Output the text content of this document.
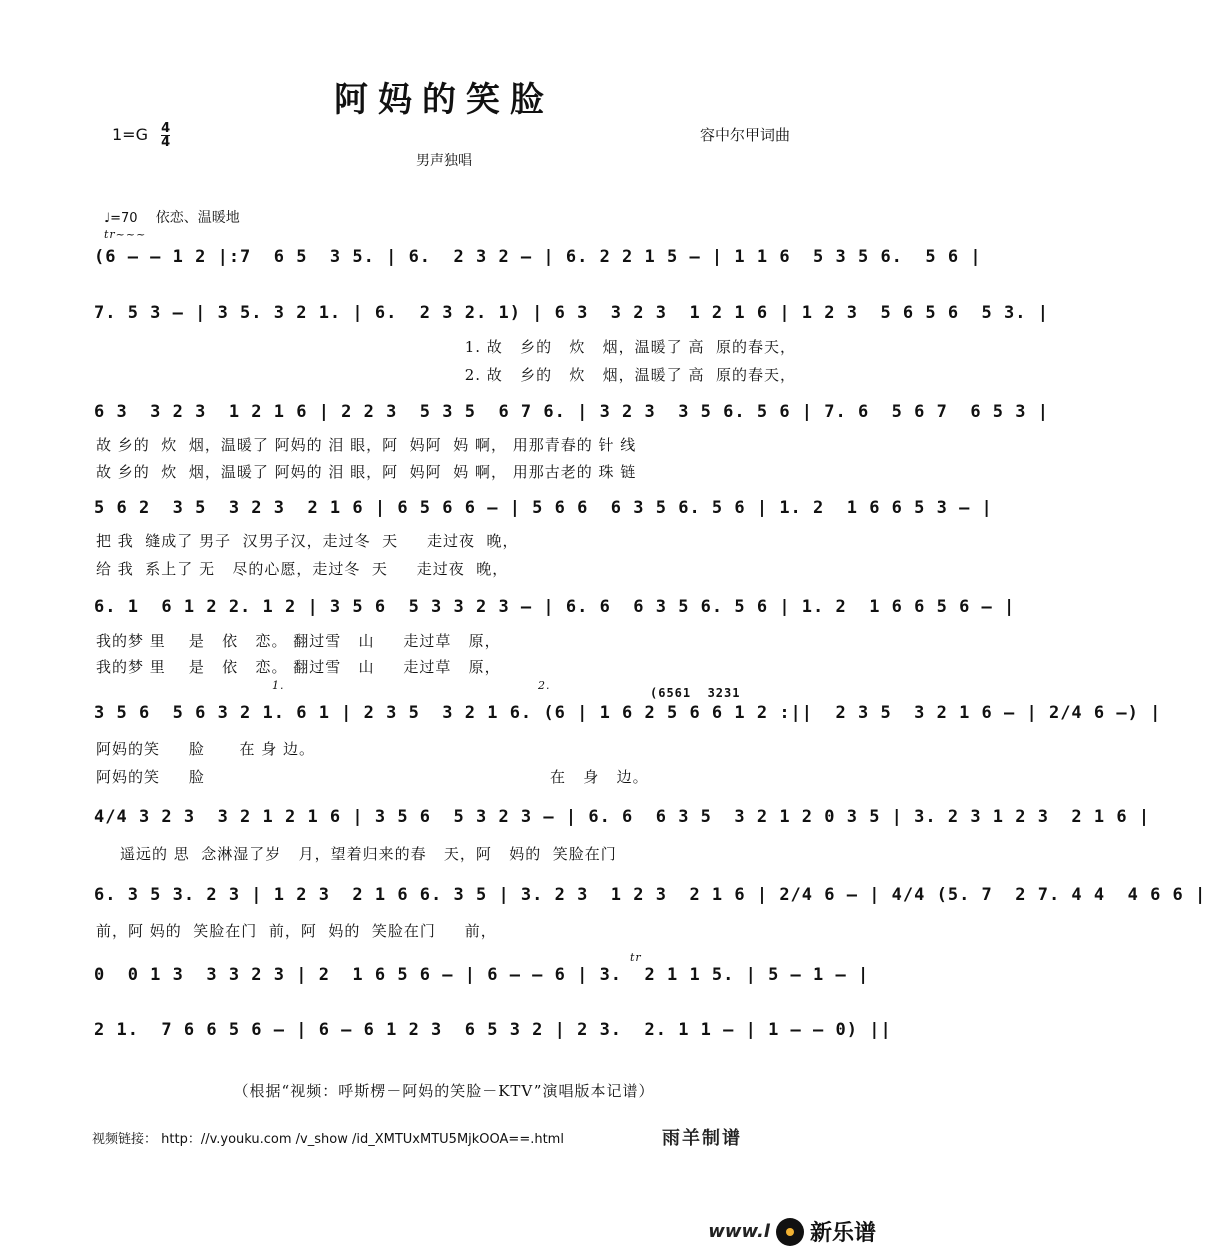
阿妈的笑脸
$1=G \frac{4}{4}$	容中尔甲词曲
男声独唱
♩=70 依恋、温暖地
tr~~~
(6 — — 1 2 |:7  6 5  3 5. | 6.  2 3 2 — | 6. 2 2 1 5 — | 1 1 6  5 3 5 6.  5 6 |
7. 5 3 — | 3 5. 3 2 1. | 6.  2 3 2. 1) | 6 3  3 2 3  1 2 1 6 | 1 2 3  5 6 5 6  5 3. |
1. 故   乡的   炊   烟，温暖了 高  原的春天，
2. 故   乡的   炊   烟，温暖了 高  原的春天，
6 3  3 2 3  1 2 1 6 | 2 2 3  5 3 5  6 7 6. | 3 2 3  3 5 6. 5 6 | 7. 6  5 6 7  6 5 3 |
故 乡的  炊  烟，温暖了 阿妈的 泪 眼，阿  妈阿  妈 啊， 用那青春的 针 线
故 乡的  炊  烟，温暖了 阿妈的 泪 眼，阿  妈阿  妈 啊， 用那古老的 珠 链
5 6 2  3 5  3 2 3  2 1 6 | 6 5 6 6 — | 5 6 6  6 3 5 6. 5 6 | 1. 2  1 6 6 5 3 — |
把 我  缝成了 男子  汉男子汉，走过冬  天     走过夜  晚，
给 我  系上了 无   尽的心愿，走过冬  天     走过夜  晚，
6. 1  6 1 2 2. 1 2 | 3 5 6  5 3 3 2 3 — | 6. 6  6 3 5 6. 5 6 | 1. 2  1 6 6 5 6 — |
我的梦 里    是   依   恋。 翻过雪   山     走过草   原，
我的梦 里    是   依   恋。 翻过雪   山     走过草   原，
1.	2.
(6561  3231
3 5 6  5 6 3 2 1. 6 1 | 2 3 5  3 2 1 6. (6 | 1 6 2 5 6 6 1 2 :||  2 3 5  3 2 1 6 — | 2/4 6 —) |
阿妈的笑     脸      在 身 边。
阿妈的笑     脸	在   身   边。
4/4 3 2 3  3 2 1 2 1 6 | 3 5 6  5 3 2 3 — | 6. 6  6 3 5  3 2 1 2 0 3 5 | 3. 2 3 1 2 3  2 1 6 |
遥远的 思  念淋湿了岁   月，望着归来的春   天，阿   妈的  笑脸在门
6. 3 5 3. 2 3 | 1 2 3  2 1 6 6. 3 5 | 3. 2 3  1 2 3  2 1 6 | 2/4 6 — | 4/4 (5. 7  2 7. 4 4  4 6 6 |
前，阿 妈的  笑脸在门  前，阿  妈的  笑脸在门     前，
tr
0  0 1 3  3 3 2 3 | 2  1 6 5 6 — | 6 — — 6 | 3.  2 1 1 5. | 5 — 1 — |
2 1.  7 6 6 5 6 — | 6 — 6 1 2 3  6 5 3 2 | 2 3.  2. 1 1 — | 1 — — 0) ||
（根据“视频：呼斯楞－阿妈的笑脸－KTV”演唱版本记谱）
视频链接： http：//v.youku.com /v_show /id_XMTUxMTU5MjkOOA==.html	雨羊制谱
www.l 新乐谱
